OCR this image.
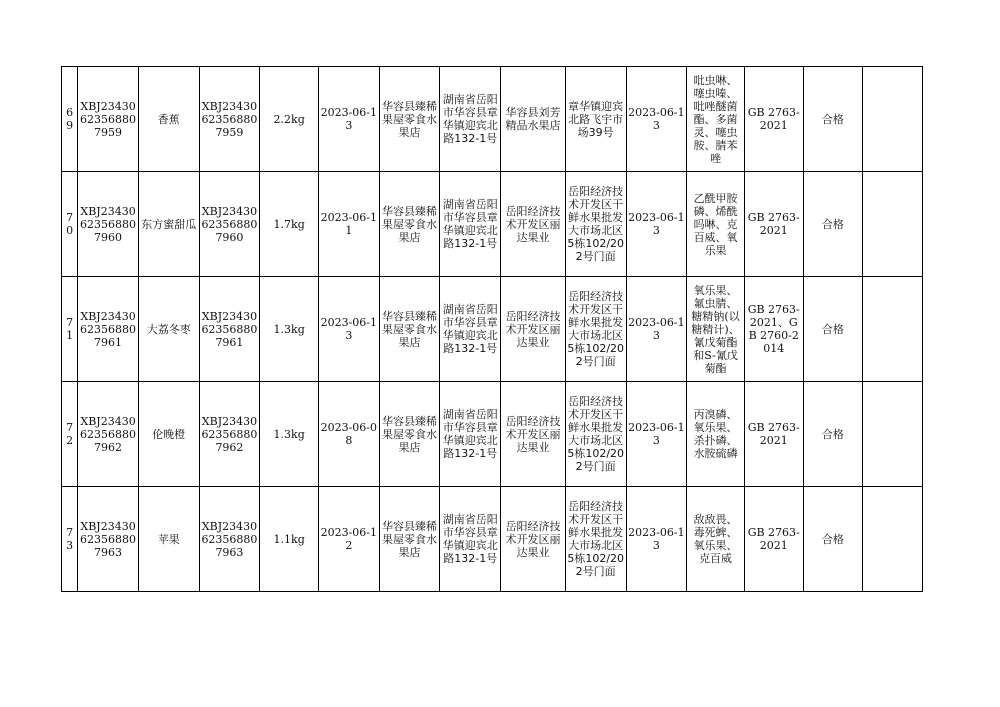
69	XBJ23430623568807959	香蕉	XBJ23430623568807959	2.2kg	2023-06-13	华容县臻稀果屋零食水果店	湖南省岳阳市华容县章华镇迎宾北路132-1号	华容县刘芳精品水果店	章华镇迎宾北路飞宇市场39号	2023-06-13	吡虫啉、噻虫嗪、吡唑醚菌酯、多菌灵、噻虫胺、腈苯唑	GB 2763-2021	合格	
70	XBJ23430623568807960	东方蜜甜瓜	XBJ23430623568807960	1.7kg	2023-06-11	华容县臻稀果屋零食水果店	湖南省岳阳市华容县章华镇迎宾北路132-1号	岳阳经济技术开发区丽达果业	岳阳经济技术开发区干鲜水果批发大市场北区5栋102/202号门面	2023-06-13	乙酰甲胺磷、烯酰吗啉、克百威、氧乐果	GB 2763-2021	合格	
71	XBJ23430623568807961	大荔冬枣	XBJ23430623568807961	1.3kg	2023-06-13	华容县臻稀果屋零食水果店	湖南省岳阳市华容县章华镇迎宾北路132-1号	岳阳经济技术开发区丽达果业	岳阳经济技术开发区干鲜水果批发大市场北区5栋102/202号门面	2023-06-13	氧乐果、氟虫腈、糖精钠(以糖精计)、氰戊菊酯和S-氰戊菊酯	GB 2763-2021、GB 2760-2014	合格	
72	XBJ23430623568807962	伦晚橙	XBJ23430623568807962	1.3kg	2023-06-08	华容县臻稀果屋零食水果店	湖南省岳阳市华容县章华镇迎宾北路132-1号	岳阳经济技术开发区丽达果业	岳阳经济技术开发区干鲜水果批发大市场北区5栋102/202号门面	2023-06-13	丙溴磷、氧乐果、杀扑磷、水胺硫磷	GB 2763-2021	合格	
73	XBJ23430623568807963	苹果	XBJ23430623568807963	1.1kg	2023-06-12	华容县臻稀果屋零食水果店	湖南省岳阳市华容县章华镇迎宾北路132-1号	岳阳经济技术开发区丽达果业	岳阳经济技术开发区干鲜水果批发大市场北区5栋102/202号门面	2023-06-13	敌敌畏、毒死蜱、氧乐果、克百威	GB 2763-2021	合格	
